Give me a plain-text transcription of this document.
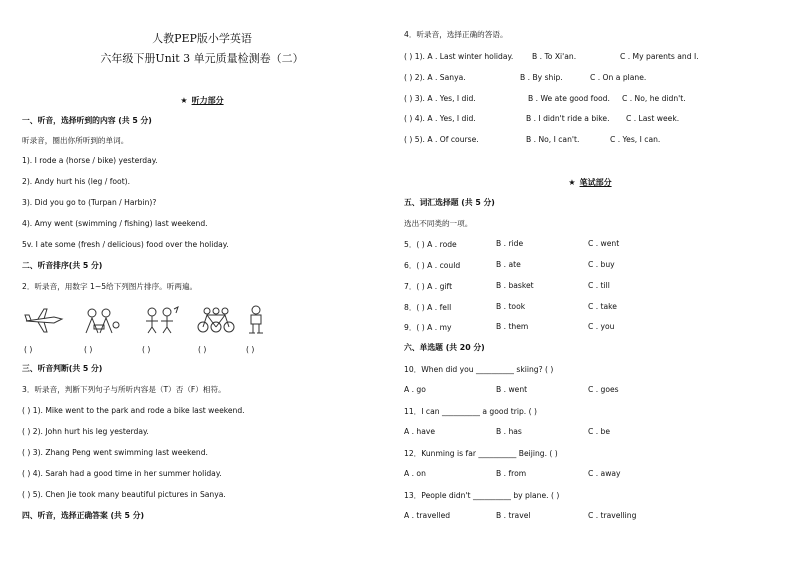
人教PEP版小学英语
六年级下册Unit 3 单元质量检测卷（二）
★ 听力部分
一、听音，选择听到的内容 (共 5 分)
听录音，圈出你所听到的单词。
1). I rode a (horse / bike) yesterday.
2). Andy hurt his (leg / foot).
3). Did you go to (Turpan / Harbin)?
4). Amy went (swimming / fishing) last weekend.
5v. I ate some (fresh / delicious) food over the holiday.
二、听音排序(共 5 分)
2．听录音，用数字 1~5给下列图片排序。听两遍。
( )	( )	( )	( )	( )
三、听音判断(共 5 分)
3．听录音，判断下列句子与所听内容是（T）否（F）相符。
( ) 1). Mike went to the park and rode a bike last weekend.
( ) 2). John hurt his leg yesterday.
( ) 3). Zhang Peng went swimming last weekend.
( ) 4). Sarah had a good time in her summer holiday.
( ) 5). Chen Jie took many beautiful pictures in Sanya.
四、听音，选择正确答案 (共 5 分)
4．听录音，选择正确的答语。
( ) 1). A . Last winter holiday. B . To Xi'an.	C . My parents and I.
( ) 2). A . Sanya.	B . By ship.	C . On a plane.
( ) 3). A . Yes, I did.	B . We ate good food. C . No, he didn't.
( ) 4). A . Yes, I did.	B . I didn't ride a bike. C . Last week.
( ) 5). A . Of course.	B . No, I can't.	C . Yes, I can.
★ 笔试部分
五、词汇选择题 (共 5 分)
选出不同类的一项。
5．( ) A . rode	B . ride	C . went
6．( ) A . could	B . ate	C . buy
7．( ) A . gift	B . basket	C . till
8．( ) A . fell	B . took	C . take
9．( ) A . my	B . them	C . you
六、单选题 (共 20 分)
10．When did you __________ skiing? ( )
A . go	B . went	C . goes
11．I can __________ a good trip. ( )
A . have	B . has	C . be
12．Kunming is far __________ Beijing. ( )
A . on	B . from	C . away
13．People didn't __________ by plane. ( )
A . travelled	B . travel	C . travelling
